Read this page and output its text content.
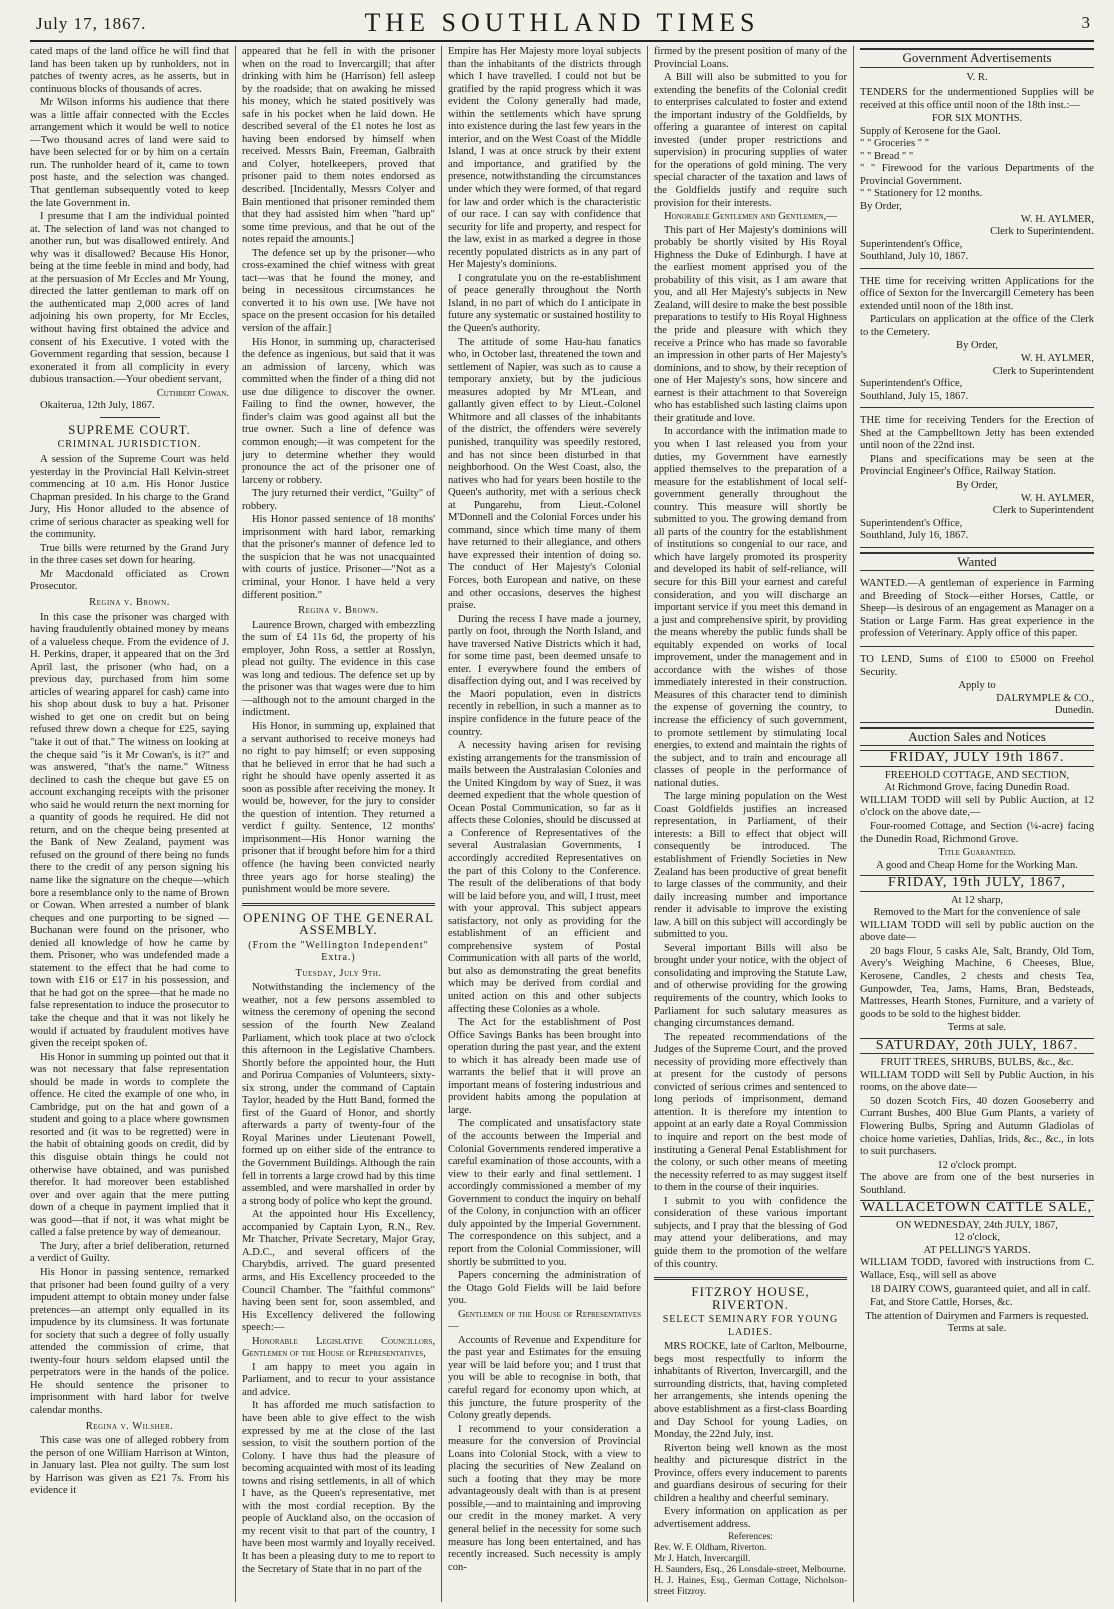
July 17, 1867.	THE SOUTHLAND TIMES	3

cated maps of the land office he will find that land has been taken up by runholders, not in patches of twenty acres, as he asserts, but in continuous blocks of thousands of acres.

Mr Wilson informs his audience that there was a little affair connected with the Eccles arrangement which it would be well to notice—Two thousand acres of land were said to have been selected for or by him on a certain run. The runholder heard of it, came to town post haste, and the selection was changed. That gentleman subsequently voted to keep the late Government in.

I presume that I am the individual pointed at. The selection of land was not changed to another run, but was disallowed entirely. And why was it disallowed? Because His Honor, being at the time feeble in mind and body, had at the persuasion of Mr Eccles and Mr Young, directed the latter gentleman to mark off on the authenticated map 2,000 acres of land adjoining his own property, for Mr Eccles, without having first obtained the advice and consent of his Executive. I voted with the Government regarding that session, because I exonerated it from all complicity in every dubious transaction.—Your obedient servant,

Cuthbert Cowan.

Okaiterua, 12th July, 1867.

SUPREME COURT.
CRIMINAL JURISDICTION.

A session of the Supreme Court was held yesterday in the Provincial Hall Kelvin-street commencing at 10 a.m. His Honor Justice Chapman presided. In his charge to the Grand Jury, His Honor alluded to the absence of crime of serious character as speaking well for the community.

True bills were returned by the Grand Jury in the three cases set down for hearing.

Mr Macdonald officiated as Crown Prosecutor.

Regina v. Brown.

In this case the prisoner was charged with having fraudulently obtained money by means of a valueless cheque. From the evidence of J. H. Perkins, draper, it appeared that on the 3rd April last, the prisoner (who had, on a previous day, purchased from him some articles of wearing apparel for cash) came into his shop about dusk to buy a hat. Prisoner wished to get one on credit but on being refused threw down a cheque for £25, saying "take it out of that." The witness on looking at the cheque said "is it Mr Cowan's, is it?" and was answered, "that's the name." Witness declined to cash the cheque but gave £5 on account exchanging receipts with the prisoner who said he would return the next morning for a quantity of goods he required. He did not return, and on the cheque being presented at the Bank of New Zealand, payment was refused on the ground of there being no funds there to the credit of any person signing his name like the signature on the cheque—which bore a resemblance only to the name of Brown or Cowan. When arrested a number of blank cheques and one purporting to be signed — Buchanan were found on the prisoner, who denied all knowledge of how he came by them. Prisoner, who was undefended made a statement to the effect that he had come to town with £16 or £17 in his possession, and that he had got on the spree—that he made no false representation to induce the prosecutor to take the cheque and that it was not likely he would if actuated by fraudulent motives have given the receipt spoken of.

His Honor in summing up pointed out that it was not necessary that false representation should be made in words to complete the offence. He cited the example of one who, in Cambridge, put on the hat and gown of a student and going to a place where gownsmen resorted and (it was to be regretted) were in the habit of obtaining goods on credit, did by this disguise obtain things he could not otherwise have obtained, and was punished therefor. It had moreover been established over and over again that the mere putting down of a cheque in payment implied that it was good—that if not, it was what might be called a false pretence by way of demeanour.

The Jury, after a brief deliberation, returned a verdict of Guilty.

His Honor in passing sentence, remarked that prisoner had been found guilty of a very impudent attempt to obtain money under false pretences—an attempt only equalled in its impudence by its clumsiness. It was fortunate for society that such a degree of folly usually attended the commission of crime, that twenty-four hours seldom elapsed until the perpetrators were in the hands of the police. He should sentence the prisoner to imprisonment with hard labor for twelve calendar months.

Regina v. Wilsher.

This case was one of alleged robbery from the person of one William Harrison at Winton, in January last. Plea not guilty. The sum lost by Harrison was given as £21 7s. From his evidence it

appeared that he fell in with the prisoner when on the road to Invercargill; that after drinking with him he (Harrison) fell asleep by the roadside; that on awaking he missed his money, which he stated positively was safe in his pocket when he laid down. He described several of the £1 notes he lost as having been endorsed by himself when received. Messrs Bain, Freeman, Galbraith and Colyer, hotelkeepers, proved that prisoner paid to them notes endorsed as described. [Incidentally, Messrs Colyer and Bain mentioned that prisoner reminded them that they had assisted him when "hard up" some time previous, and that he out of the notes repaid the amounts.]

The defence set up by the prisoner—who cross-examined the chief witness with great tact—was that he found the money, and being in necessitous circumstances he converted it to his own use. [We have not space on the present occasion for his detailed version of the affair.]

His Honor, in summing up, characterised the defence as ingenious, but said that it was an admission of larceny, which was committed when the finder of a thing did not use due diligence to discover the owner. Failing to find the owner, however, the finder's claim was good against all but the true owner. Such a line of defence was common enough;—it was competent for the jury to determine whether they would pronounce the act of the prisoner one of larceny or robbery.

The jury returned their verdict, "Guilty" of robbery.

His Honor passed sentence of 18 months' imprisonment with hard labor, remarking that the prisoner's manner of defence led to the suspicion that he was not unacquainted with courts of justice. Prisoner—"Not as a criminal, your Honor. I have held a very different position."

Regina v. Brown.

Laurence Brown, charged with embezzling the sum of £4 11s 6d, the property of his employer, John Ross, a settler at Rosslyn, plead not guilty. The evidence in this case was long and tedious. The defence set up by the prisoner was that wages were due to him—although not to the amount charged in the indictment.

His Honor, in summing up, explained that a servant authorised to receive moneys had no right to pay himself; or even supposing that he believed in error that he had such a right he should have openly asserted it as soon as possible after receiving the money. It would be, however, for the jury to consider the question of intention. They returned a verdict f guilty. Sentence, 12 months' imprisonment—His Honor warning the prisoner that if brought before him for a third offence (he having been convicted nearly three years ago for horse stealing) the punishment would be more severe.

OPENING OF THE GENERAL ASSEMBLY.
(From the "Wellington Independent" Extra.)
Tuesday, July 9th.

Notwithstanding the inclemency of the weather, not a few persons assembled to witness the ceremony of opening the second session of the fourth New Zealand Parliament, which took place at two o'clock this afternoon in the Legislative Chambers. Shortly before the appointed hour, the Hutt and Porirua Companies of Volunteers, sixty-six strong, under the command of Captain Taylor, headed by the Hutt Band, formed the first of the Guard of Honor, and shortly afterwards a party of twenty-four of the Royal Marines under Lieutenant Powell, formed up on either side of the entrance to the Government Buildings. Although the rain fell in torrents a large crowd had by this time assembled, and were marshalled in order by a strong body of police who kept the ground.

At the appointed hour His Excellency, accompanied by Captain Lyon, R.N., Rev. Mr Thatcher, Private Secretary, Major Gray, A.D.C., and several officers of the Charybdis, arrived. The guard presented arms, and His Excellency proceeded to the Council Chamber. The "faithful commons" having been sent for, soon assembled, and His Excellency delivered the following speech:—

Honorable Legislative Councillors, Gentlemen of the House of Representatives,

I am happy to meet you again in Parliament, and to recur to your assistance and advice.

It has afforded me much satisfaction to have been able to give effect to the wish expressed by me at the close of the last session, to visit the southern portion of the Colony. I have thus had the pleasure of becoming acquainted with most of its leading towns and rising settlements, in all of which I have, as the Queen's representative, met with the most cordial reception. By the people of Auckland also, on the occasion of my recent visit to that part of the country, I have been most warmly and loyally received. It has been a pleasing duty to me to report to the Secretary of State that in no part of the

Empire has Her Majesty more loyal subjects than the inhabitants of the districts through which I have travelled. I could not but be gratified by the rapid progress which it was evident the Colony generally had made, within the settlements which have sprung into existence during the last few years in the interior, and on the West Coast of the Middle Island, I was at once struck by their extent and importance, and gratified by the presence, notwithstanding the circumstances under which they were formed, of that regard for law and order which is the characteristic of our race. I can say with confidence that security for life and property, and respect for the law, exist in as marked a degree in those recently populated districts as in any part of Her Majesty's dominions.

I congratulate you on the re-establishment of peace generally throughout the North Island, in no part of which do I anticipate in future any systematic or sustained hostility to the Queen's authority.

The attitude of some Hau-hau fanatics who, in October last, threatened the town and settlement of Napier, was such as to cause a temporary anxiety, but by the judicious measures adopted by Mr M'Lean, and gallantly given effect to by Lieut.-Colonel Whitmore and all classes of the inhabitants of the district, the offenders were severely punished, tranquility was speedily restored, and has not since been disturbed in that neighborhood. On the West Coast, also, the natives who had for years been hostile to the Queen's authority, met with a serious check at Pungarehu, from Lieut.-Colonel M'Donnell and the Colonial Forces under his command, since which time many of them have returned to their allegiance, and others have expressed their intention of doing so. The conduct of Her Majesty's Colonial Forces, both European and native, on these and other occasions, deserves the highest praise.

During the recess I have made a journey, partly on foot, through the North Island, and have traversed Native Districts which it had, for some time past, been deemed unsafe to enter. I everywhere found the embers of disaffection dying out, and I was received by the Maori population, even in districts recently in rebellion, in such a manner as to inspire confidence in the future peace of the country.

A necessity having arisen for revising existing arrangements for the transmission of mails between the Australasian Colonies and the United Kingdom by way of Suez, it was deemed expedient that the whole question of Ocean Postal Communication, so far as it affects these Colonies, should be discussed at a Conference of Representatives of the several Australasian Governments, I accordingly accredited Representatives on the part of this Colony to the Conference. The result of the deliberations of that body will be laid before you, and will, I trust, meet with your approval. This subject appears satisfactory, not only as providing for the establishment of an efficient and comprehensive system of Postal Communication with all parts of the world, but also as demonstrating the great benefits which may be derived from cordial and united action on this and other subjects affecting these Colonies as a whole.

The Act for the establishment of Post Office Savings Banks has been brought into operation during the past year, and the extent to which it has already been made use of warrants the belief that it will prove an important means of fostering industrious and provident habits among the population at large.

The complicated and unsatisfactory state of the accounts between the Imperial and Colonial Governments rendered imperative a careful examination of those accounts, with a view to their early and final settlement. I accordingly commissioned a member of my Government to conduct the inquiry on behalf of the Colony, in conjunction with an officer duly appointed by the Imperial Government. The correspondence on this subject, and a report from the Colonial Commissioner, will shortly be submitted to you.

Papers concerning the administration of the Otago Gold Fields will be laid before you.

Gentlemen of the House of Representatives—

Accounts of Revenue and Expenditure for the past year and Estimates for the ensuing year will be laid before you; and I trust that you will be able to recognise in both, that careful regard for economy upon which, at this juncture, the future prosperity of the Colony greatly depends.

I recommend to your consideration a measure for the conversion of Provincial Loans into Colonial Stock, with a view to placing the securities of New Zealand on such a footing that they may be more advantageously dealt with than is at present possible,—and to maintaining and improving our credit in the money market. A very general belief in the necessity for some such measure has long been entertained, and has recently increased. Such necessity is amply con-

firmed by the present position of many of the Provincial Loans.

A Bill will also be submitted to you for extending the benefits of the Colonial credit to enterprises calculated to foster and extend the important industry of the Goldfields, by offering a guarantee of interest on capital invested (under proper restrictions and supervision) in procuring supplies of water for the operations of gold mining. The very special character of the taxation and laws of the Goldfields justify and require such provision for their interests.

Honorable Gentlemen and Gentlemen,—

This part of Her Majesty's dominions will probably be shortly visited by His Royal Highness the Duke of Edinburgh. I have at the earliest moment apprised you of the probability of this visit, as I am aware that you, and all Her Majesty's subjects in New Zealand, will desire to make the best possible preparations to testify to His Royal Highness the pride and pleasure with which they receive a Prince who has made so favorable an impression in other parts of Her Majesty's dominions, and to show, by their reception of one of Her Majesty's sons, how sincere and earnest is their attachment to that Sovereign who has established such lasting claims upon their gratitude and love.

In accordance with the intimation made to you when I last released you from your duties, my Government have earnestly applied themselves to the preparation of a measure for the establishment of local self-government generally throughout the country. This measure will shortly be submitted to you. The growing demand from all parts of the country for the establishment of institutions so congenial to our race, and which have largely promoted its prosperity and developed its habit of self-reliance, will secure for this Bill your earnest and careful consideration, and you will discharge an important service if you meet this demand in a just and comprehensive spirit, by providing the means whereby the public funds shall be equitably expended on works of local improvement, under the management and in accordance with the wishes of those immediately interested in their construction. Measures of this character tend to diminish the expense of governing the country, to increase the efficiency of such government, to promote settlement by stimulating local energies, to extend and maintain the rights of the subject, and to train and encourage all classes of people in the performance of national duties.

The large mining population on the West Coast Goldfields justifies an increased representation, in Parliament, of their interests: a Bill to effect that object will consequently be introduced. The establishment of Friendly Societies in New Zealand has been productive of great benefit to large classes of the community, and their daily increasing number and importance render it advisable to improve the existing law. A bill on this subject will accordingly be submitted to you.

Several important Bills will also be brought under your notice, with the object of consolidating and improving the Statute Law, and of otherwise providing for the growing requirements of the country, which looks to Parliament for such salutary measures as changing circumstances demand.

The repeated recommendations of the Judges of the Supreme Court, and the proved necessity of providing more effectively than at present for the custody of persons convicted of serious crimes and sentenced to long periods of imprisonment, demand attention. It is therefore my intention to appoint at an early date a Royal Commission to inquire and report on the best mode of instituting a General Penal Establishment for the colony, or such other means of meeting the necessity referred to as may suggest itself to them in the course of their inquiries.

I submit to you with confidence the consideration of these various important subjects, and I pray that the blessing of God may attend your deliberations, and may guide them to the promotion of the welfare of this country.

FITZROY HOUSE, RIVERTON.
SELECT SEMINARY FOR YOUNG LADIES.

MRS ROCKE, late of Carlton, Melbourne, begs most respectfully to inform the inhabitants of Riverton, Invercargill, and the surrounding districts, that, having completed her arrangements, she intends opening the above establishment as a first-class Boarding and Day School for young Ladies, on Monday, the 22nd July, inst.

Riverton being well known as the most healthy and picturesque district in the Province, offers every inducement to parents and guardians desirous of securing for their children a healthy and cheerful seminary.

Every information on application as per advertisement address.

References:
Rev. W. F. Oldham, Riverton.
Mr J. Hatch, Invercargill.
H. Saunders, Esq., 26 Lonsdale-street, Melbourne.
H. J. Haines, Esq., German Cottage, Nicholson-street Fitzroy.
Government Advertisements
V. R.

TENDERS for the undermentioned Supplies will be received at this office until noon of the 18th inst.:—

FOR SIX MONTHS.
Supply of Kerosene for the Gaol.
" " Groceries " "
" " Bread " "
" " Firewood for the various Departments of the Provincial Government.
" " Stationery for 12 months.
By Order,
W. H. AYLMER,
Clerk to Superintendent.
Superintendent's Office,
Southland, July 10, 1867.

THE time for receiving written Applications for the office of Sexton for the Invercargill Cemetery has been extended until noon of the 18th inst.

Particulars on application at the office of the Clerk to the Cemetery.

By Order,
W. H. AYLMER,
Clerk to Superintendent
Superintendent's Office,
Southland, July 15, 1867.

THE time for receiving Tenders for the Erection of Shed at the Campbelltown Jetty has been extended until noon of the 22nd inst.

Plans and specifications may be seen at the Provincial Engineer's Office, Railway Station.

By Order,
W. H. AYLMER,
Clerk to Superintendent
Superintendent's Office,
Southland, July 16, 1867.
Wanted

WANTED.—A gentleman of experience in Farming and Breeding of Stock—either Horses, Cattle, or Sheep—is desirous of an engagement as Manager on a Station or Large Farm. Has great experience in the profession of Veterinary. Apply office of this paper.

TO LEND, Sums of £100 to £5000 on Freehol Security.

Apply to
DALRYMPLE & CO.,
Dunedin.
Auction Sales and Notices
FRIDAY, JULY 19th 1867.
FREEHOLD COTTAGE, AND SECTION,
At Richmond Grove, facing Dunedin Road.

WILLIAM TODD will sell by Public Auction, at 12 o'clock on the above date,—

Four-roomed Cottage, and Section (¼-acre) facing the Dunedin Road, Richmond Grove.

Title Guaranteed.
A good and Cheap Home for the Working Man.
FRIDAY, 19th JULY, 1867,
At 12 sharp,
Removed to the Mart for the convenience of sale

WILLIAM TODD will sell by public auction on the above date—

20 bags Flour, 5 casks Ale, Salt, Brandy, Old Tom, Avery's Weighing Machine, 6 Cheeses, Blue, Kerosene, Candles, 2 chests and chests Tea, Gunpowder, Tea, Jams, Hams, Bran, Bedsteads, Mattresses, Hearth Stones, Furniture, and a variety of goods to be sold to the highest bidder.

Terms at sale.
SATURDAY, 20th JULY, 1867.
FRUIT TREES, SHRUBS, BULBS, &c., &c.

WILLIAM TODD will Sell by Public Auction, in his rooms, on the above date—

50 dozen Scotch Firs, 40 dozen Gooseberry and Currant Bushes, 400 Blue Gum Plants, a variety of Flowering Bulbs, Spring and Autumn Gladiolas of choice home varieties, Dahlias, Irids, &c., &c., in lots to suit purchasers.

12 o'clock prompt.

The above are from one of the best nurseries in Southland.

WALLACETOWN CATTLE SALE,
ON WEDNESDAY, 24th JULY, 1867,
12 o'clock,
AT PELLING'S YARDS.

WILLIAM TODD, favored with instructions from C. Wallace, Esq., will sell as above

18 DAIRY COWS, guaranteed quiet, and all in calf.

Fat, and Store Cattle, Horses, &c.

The attention of Dairymen and Farmers is requested.
Terms at sale.
